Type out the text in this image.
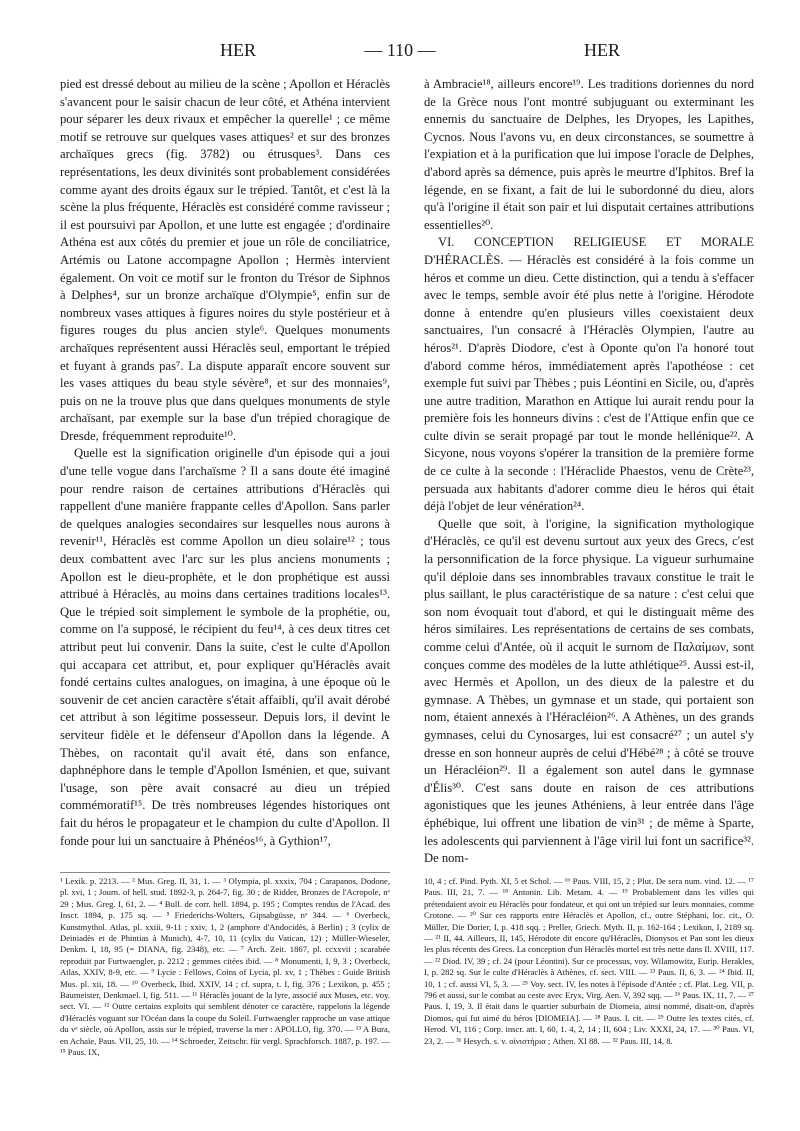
HER	— 110 —	HER

pied est dressé debout au milieu de la scène ; Apollon et Héraclès s'avancent pour le saisir chacun de leur côté, et Athéna intervient pour séparer les deux rivaux et empêcher la querelle¹ ; ce même motif se retrouve sur quelques vases attiques² et sur des bronzes archaïques grecs (fig. 3782) ou étrusques³. Dans ces représentations, les deux divinités sont probablement considérées comme ayant des droits égaux sur le trépied. Tantôt, et c'est là la scène la plus fréquente, Héraclès est considéré comme ravisseur ; il est poursuivi par Apollon, et une lutte est engagée ; d'ordinaire Athéna est aux côtés du premier et joue un rôle de conciliatrice, Artémis ou Latone accompagne Apollon ; Hermès intervient également. On voit ce motif sur le fronton du Trésor de Siphnos à Delphes⁴, sur un bronze archaïque d'Olympie⁵, enfin sur de nombreux vases attiques à figures noires du style postérieur et à figures rouges du plus ancien style⁶. Quelques monuments archaïques représentent aussi Héraclès seul, emportant le trépied et fuyant à grands pas⁷. La dispute apparaît encore souvent sur les vases attiques du beau style sévère⁸, et sur des monnaies⁹, puis on ne la trouve plus que dans quelques monuments de style archaïsant, par exemple sur la base d'un trépied choragique de Dresde, fréquemment reproduite¹⁰.

Quelle est la signification originelle d'un épisode qui a joui d'une telle vogue dans l'archaïsme ? Il a sans doute été imaginé pour rendre raison de certaines attributions d'Héraclès qui rappellent d'une manière frappante celles d'Apollon. Sans parler de quelques analogies secondaires sur lesquelles nous aurons à revenir¹¹, Héraclès est comme Apollon un dieu solaire¹² ; tous deux combattent avec l'arc sur les plus anciens monuments ; Apollon est le dieu-prophète, et le don prophétique est aussi attribué à Héraclès, au moins dans certaines traditions locales¹³. Que le trépied soit simplement le symbole de la prophétie, ou, comme on l'a supposé, le récipient du feu¹⁴, à ces deux titres cet attribut peut lui convenir. Dans la suite, c'est le culte d'Apollon qui accapara cet attribut, et, pour expliquer qu'Héraclès avait fondé certains cultes analogues, on imagina, à une époque où le souvenir de cet ancien caractère s'était affaibli, qu'il avait dérobé cet attribut à son légitime possesseur. Depuis lors, il devint le serviteur fidèle et le défenseur d'Apollon dans la légende. A Thèbes, on racontait qu'il avait été, dans son enfance, daphnéphore dans le temple d'Apollon Isménien, et que, suivant l'usage, son père avait consacré au dieu un trépied commémoratif¹⁵. De très nombreuses légendes historiques ont fait du héros le propagateur et le champion du culte d'Apollon. Il fonde pour lui un sanctuaire à Phénéos¹⁶, à Gythion¹⁷,

à Ambracie¹⁸, ailleurs encore¹⁹. Les traditions doriennes du nord de la Grèce nous l'ont montré subjuguant ou exterminant les ennemis du sanctuaire de Delphes, les Dryopes, les Lapithes, Cycnos. Nous l'avons vu, en deux circonstances, se soumettre à l'expiation et à la purification que lui impose l'oracle de Delphes, d'abord après sa démence, puis après le meurtre d'Iphitos. Bref la légende, en se fixant, a fait de lui le subordonné du dieu, alors qu'à l'origine il était son pair et lui disputait certaines attributions essentielles²⁰.

VI. CONCEPTION RELIGIEUSE ET MORALE D'HÉRACLÈS. — Héraclès est considéré à la fois comme un héros et comme un dieu. Cette distinction, qui a tendu à s'effacer avec le temps, semble avoir été plus nette à l'origine. Hérodote donne à entendre qu'en plusieurs villes coexistaient deux sanctuaires, l'un consacré à l'Héraclès Olympien, l'autre au héros²¹. D'après Diodore, c'est à Oponte qu'on l'a honoré tout d'abord comme héros, immédiatement après l'apothéose : cet exemple fut suivi par Thèbes ; puis Léontini en Sicile, ou, d'après une autre tradition, Marathon en Attique lui aurait rendu pour la première fois les honneurs divins : c'est de l'Attique enfin que ce culte divin se serait propagé par tout le monde hellénique²². A Sicyone, nous voyons s'opérer la transition de la première forme de ce culte à la seconde : l'Héraclide Phaestos, venu de Crète²³, persuada aux habitants d'adorer comme dieu le héros qui était déjà l'objet de leur vénération²⁴.

Quelle que soit, à l'origine, la signification mythologique d'Héraclès, ce qu'il est devenu surtout aux yeux des Grecs, c'est la personnification de la force physique. La vigueur surhumaine qu'il déploie dans ses innombrables travaux constitue le trait le plus saillant, le plus caractéristique de sa nature : c'est celui que son nom évoquait tout d'abord, et qui le distinguait même des héros similaires. Les représentations de certains de ses combats, comme celui d'Antée, où il acquit le surnom de Παλαίμων, sont conçues comme des modèles de la lutte athlétique²⁵. Aussi est-il, avec Hermès et Apollon, un des dieux de la palestre et du gymnase. A Thèbes, un gymnase et un stade, qui portaient son nom, étaient annexés à l'Héracléion²⁶. A Athènes, un des grands gymnases, celui du Cynosarges, lui est consacré²⁷ ; un autel s'y dresse en son honneur auprès de celui d'Hébé²⁸ ; à côté se trouve un Héracléion²⁹. Il a également son autel dans le gymnase d'Élis³⁰. C'est sans doute en raison de ces attributions agonistiques que les jeunes Athéniens, à leur entrée dans l'âge éphébique, lui offrent une libation de vin³¹ ; de même à Sparte, les adolescents qui parviennent à l'âge viril lui font un sacrifice³². De nom-

¹ Lexik. p. 2213. — ² Mus. Greg. II, 31, 1. — ³ Olympia, pl. xxxix, 704 ; Carapanos, Dodone, pl. xvi, 1 ; Journ. of hell. stud. 1892-3, p. 264-7, fig. 30 ; de Ridder, Bronzes de l'Acropole, nᵒ 29 ; Mus. Greg. I, 61, 2. — ⁴ Bull. de corr. hell. 1894, p. 195 ; Comptes rendus de l'Acad. des Inscr. 1894, p. 175 sq. — ⁵ Friederichs-Wolters, Gipsabgüsse, nᵒ 344. — ⁶ Overbeck, Kunstmythol. Atlas, pl. xxiii, 9-11 ; xxiv, 1, 2 (amphore d'Andocidès, à Berlin) ; 3 (cylix de Deiniadès et de Phintias à Munich), 4-7, 10, 11 (cylix du Vatican, 12) ; Müller-Wieseler, Denkm. I, 18, 95 (= DIANA, fig. 2348), etc. — ⁷ Arch. Zeit. 1867, pl. ccxxvii ; scarabée reproduit par Furtwaengler, p. 2212 ; gemmes citées ibid. — ⁸ Monumenti, I, 9, 3 ; Overbeck, Atlas, XXIV, 8-9, etc. — ⁹ Lycie : Fellows, Coins of Lycia, pl. xv, 1 ; Thèbes : Guide British Mus. pl. xii, 18. — ¹⁰ Overbeck, Ibid. XXIV, 14 ; cf. supra, t. I, fig. 376 ; Lexikon, p. 455 ; Baumeister, Denkmael. I, fig. 511. — ¹¹ Héraclès jouant de la lyre, associé aux Muses, etc. voy. sect. VI. — ¹² Outre certains exploits qui semblent dénoter ce caractère, rappelons la légende d'Héraclès voguant sur l'Océan dans la coupe du Soleil. Furtwaengler rapproche un vase attique du vᵉ siècle, où Apollon, assis sur le trépied, traverse la mer : APOLLO, fig. 370. — ¹³ A Bura, en Achaïe, Paus. VII, 25, 10. — ¹⁴ Schroeder, Zeitschr. für vergl. Sprachforsch. 1887, p. 197. — ¹⁵ Paus. IX,

10, 4 ; cf. Pind. Pyth. XI, 5 et Schol. — ¹⁶ Paus. VIII, 15, 2 ; Plut. De sera num. vind. 12. — ¹⁷ Paus. III, 21, 7. — ¹⁸ Antonin. Lib. Metam. 4. — ¹⁹ Probablement dans les villes qui prétendaient avoir eu Héraclès pour fondateur, et qui ont un trépied sur leurs monnaies, comme Crotone. — ²⁰ Sur ces rapports entre Héraclès et Apollon, cf., outre Stéphani, loc. cit., O. Müller, Die Dorier, I, p. 418 sqq. ; Preller, Griech. Myth. II, p. 162-164 ; Lexikon, I, 2189 sq. — ²¹ II, 44. Ailleurs, II, 145, Hérodote dit encore qu'Héraclès, Dionysos et Pan sont les dieux les plus récents des Grecs. La conception d'un Héraclès mortel est très nette dans Il. XVIII, 117. — ²² Diod. IV, 39 ; cf. 24 (pour Léontini). Sur ce processus, voy. Wilamowitz, Eurip. Herakles, I, p. 282 sq. Sur le culte d'Héraclès à Athènes, cf. sect. VIII. — ²³ Paus. II, 6, 3. — ²⁴ Ibid. II, 10, 1 ; cf. aussi VI, 5, 3. — ²⁵ Voy. sect. IV, les notes à l'épisode d'Antée ; cf. Plat. Leg. VII, p. 796 et aussi, sur le combat au ceste avec Eryx, Virg. Aen. V, 392 sqq. — ²⁶ Paus. IX, 11, 7. — ²⁷ Paus. I, 19, 3. Il était dans le quartier suburbain de Diomeia, ainsi nommé, disait-on, d'après Diomos, qui fut aimé du héros [DIOMEIA]. — ²⁸ Paus. I. cit. — ²⁹ Outre les textes cités, cf. Herod. VI, 116 ; Corp. inscr. att. I, 60, 1. 4, 2, 14 ; II, 604 ; Liv. XXXI, 24, 17. — ³⁰ Paus. VI, 23, 2. — ³¹ Hesych. s. v. οἰνιστήρια ; Athen. XI 88. — ³² Paus. III, 14, 8.
